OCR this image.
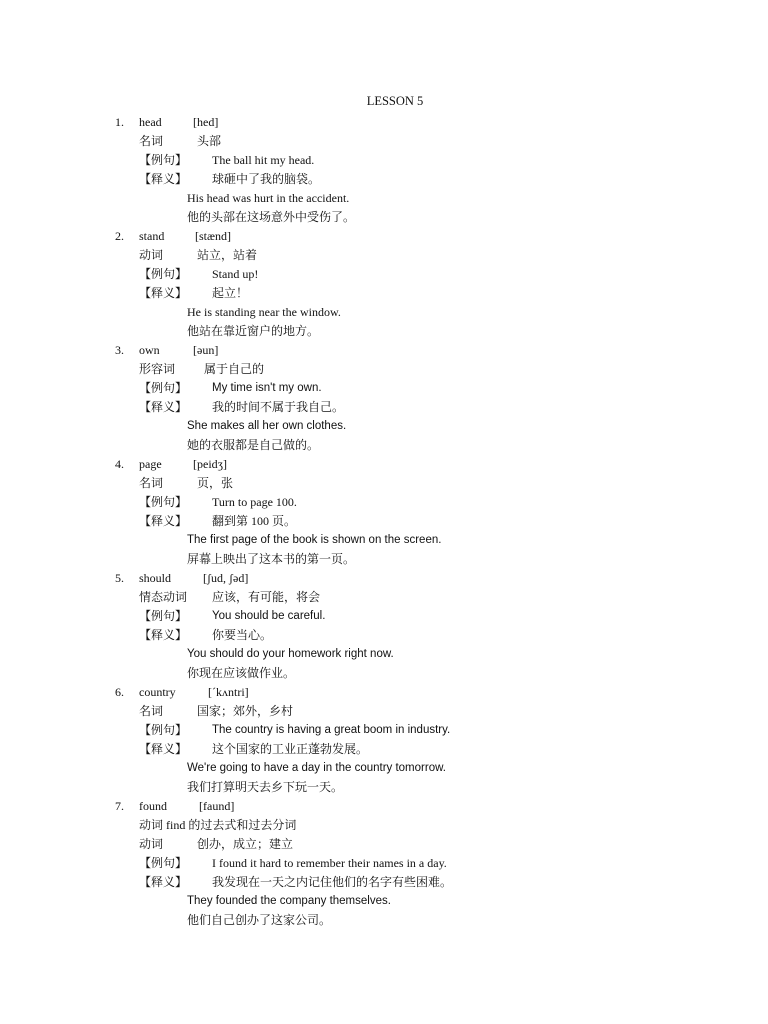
LESSON 5
1. head	[hed]
名词	头部
【例句】 The ball hit my head.
【释义】 球砸中了我的脑袋。
His head was hurt in the accident.
他的头部在这场意外中受伤了。
2. stand	[stænd]
动词	站立，站着
【例句】 Stand up!
【释义】 起立！
He is standing near the window.
他站在靠近窗户的地方。
3. own	[əun]
形容词 属于自己的
【例句】 My time isn't my own.
【释义】 我的时间不属于我自己。
She makes all her own clothes.
她的衣服都是自己做的。
4. page	[peidʒ]
名词	页，张
【例句】 Turn to page 100.
【释义】 翻到第 100 页。
The first page of the book is shown on the screen.
屏幕上映出了这本书的第一页。
5. should	[ʃud, ʃəd]
情态动词 应该，有可能，将会
【例句】 You should be careful.
【释义】 你要当心。
You should do your homework right now.
你现在应该做作业。
6. country	[ˊkʌntri]
名词	国家；郊外，乡村
【例句】 The country is having a great boom in industry.
【释义】 这个国家的工业正蓬勃发展。
We're going to have a day in the country tomorrow.
我们打算明天去乡下玩一天。
7. found	[faund]
动词 find 的过去式和过去分词
动词	创办，成立；建立
【例句】 I found it hard to remember their names in a day.
【释义】 我发现在一天之内记住他们的名字有些困难。
They founded the company themselves.
他们自己创办了这家公司。
